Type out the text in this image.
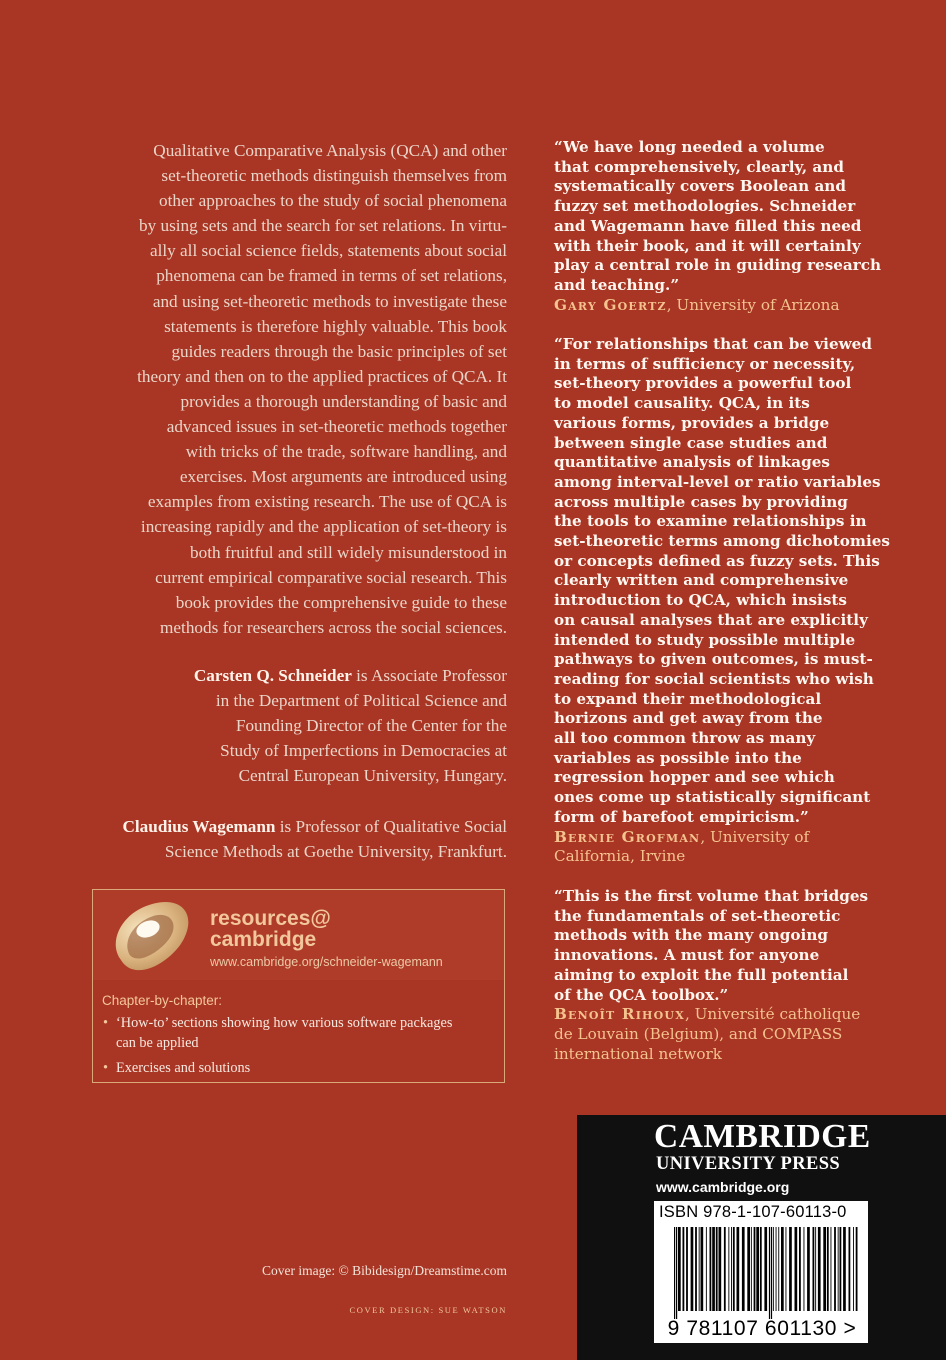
Qualitative Comparative Analysis (QCA) and other
set-theoretic methods distinguish themselves from
other approaches to the study of social phenomena
by using sets and the search for set relations. In virtu-
ally all social science fields, statements about social
phenomena can be framed in terms of set relations,
and using set-theoretic methods to investigate these
statements is therefore highly valuable. This book
guides readers through the basic principles of set
theory and then on to the applied practices of QCA. It
provides a thorough understanding of basic and
advanced issues in set-theoretic methods together
with tricks of the trade, software handling, and
exercises. Most arguments are introduced using
examples from existing research. The use of QCA is
increasing rapidly and the application of set-theory is
both fruitful and still widely misunderstood in
current empirical comparative social research. This
book provides the comprehensive guide to these
methods for researchers across the social sciences.

Carsten Q. Schneider is Associate Professor
in the Department of Political Science and
Founding Director of the Center for the
Study of Imperfections in Democracies at
Central European University, Hungary.

Claudius Wagemann is Professor of Qualitative Social
Science Methods at Goethe University, Frankfurt.

resources@
cambridge
www.cambridge.org/schneider-wagemann
Chapter-by-chapter:
• ‘How-to’ sections showing how various software packages
can be applied
• Exercises and solutions

“We have long needed a volume
that comprehensively, clearly, and
systematically covers Boolean and
fuzzy set methodologies. Schneider
and Wagemann have filled this need
with their book, and it will certainly
play a central role in guiding research
and teaching.”
Gary Goertz, University of Arizona

“For relationships that can be viewed
in terms of sufficiency or necessity,
set-theory provides a powerful tool
to model causality. QCA, in its
various forms, provides a bridge
between single case studies and
quantitative analysis of linkages
among interval-level or ratio variables
across multiple cases by providing
the tools to examine relationships in
set-theoretic terms among dichotomies
or concepts defined as fuzzy sets. This
clearly written and comprehensive
introduction to QCA, which insists
on causal analyses that are explicitly
intended to study possible multiple
pathways to given outcomes, is must-
reading for social scientists who wish
to expand their methodological
horizons and get away from the
all too common throw as many
variables as possible into the
regression hopper and see which
ones come up statistically significant
form of barefoot empiricism.”
Bernie Grofman, University of
California, Irvine

“This is the first volume that bridges
the fundamentals of set-theoretic
methods with the many ongoing
innovations. A must for anyone
aiming to exploit the full potential
of the QCA toolbox.”
Benoît Rihoux, Université catholique
de Louvain (Belgium), and COMPASS
international network

Cover image: © Bibidesign/Dreamstime.com
COVER DESIGN: SUE WATSON
CAMBRIDGE
UNIVERSITY PRESS
www.cambridge.org
ISBN 978-1-107-60113-0
9 781107 601130 >
